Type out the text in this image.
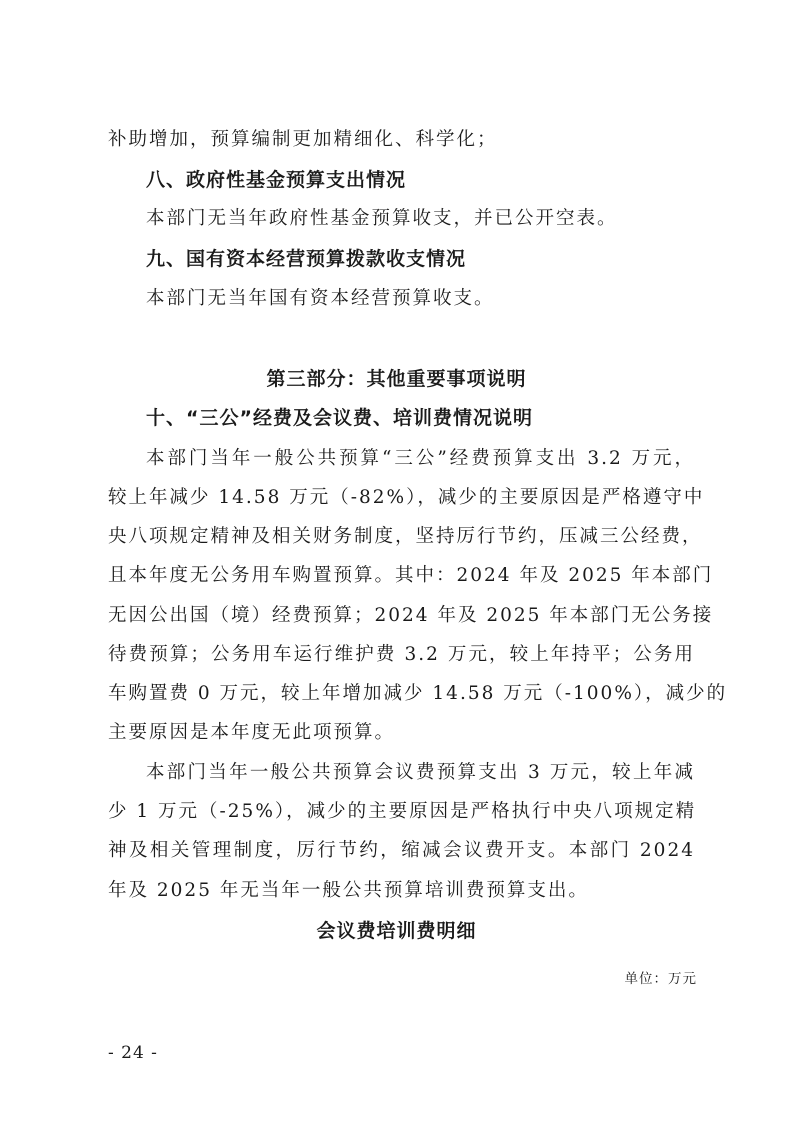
补助增加，预算编制更加精细化、科学化；

八、政府性基金预算支出情况

本部门无当年政府性基金预算收支，并已公开空表。

九、国有资本经营预算拨款收支情况

本部门无当年国有资本经营预算收支。

第三部分：其他重要事项说明

十、“三公”经费及会议费、培训费情况说明

本部门当年一般公共预算“三公”经费预算支出 3.2 万元，

较上年减少 14.58 万元（-82%），减少的主要原因是严格遵守中

央八项规定精神及相关财务制度，坚持厉行节约，压减三公经费，

且本年度无公务用车购置预算。其中：2024 年及 2025 年本部门

无因公出国（境）经费预算；2024 年及 2025 年本部门无公务接

待费预算；公务用车运行维护费 3.2 万元，较上年持平；公务用

车购置费 0 万元，较上年增加减少 14.58 万元（-100%），减少的

主要原因是本年度无此项预算。

本部门当年一般公共预算会议费预算支出 3 万元，较上年减

少 1 万元（-25%），减少的主要原因是严格执行中央八项规定精

神及相关管理制度，厉行节约，缩减会议费开支。本部门 2024

年及 2025 年无当年一般公共预算培训费预算支出。

会议费培训费明细

单位：万元

- 24 -
